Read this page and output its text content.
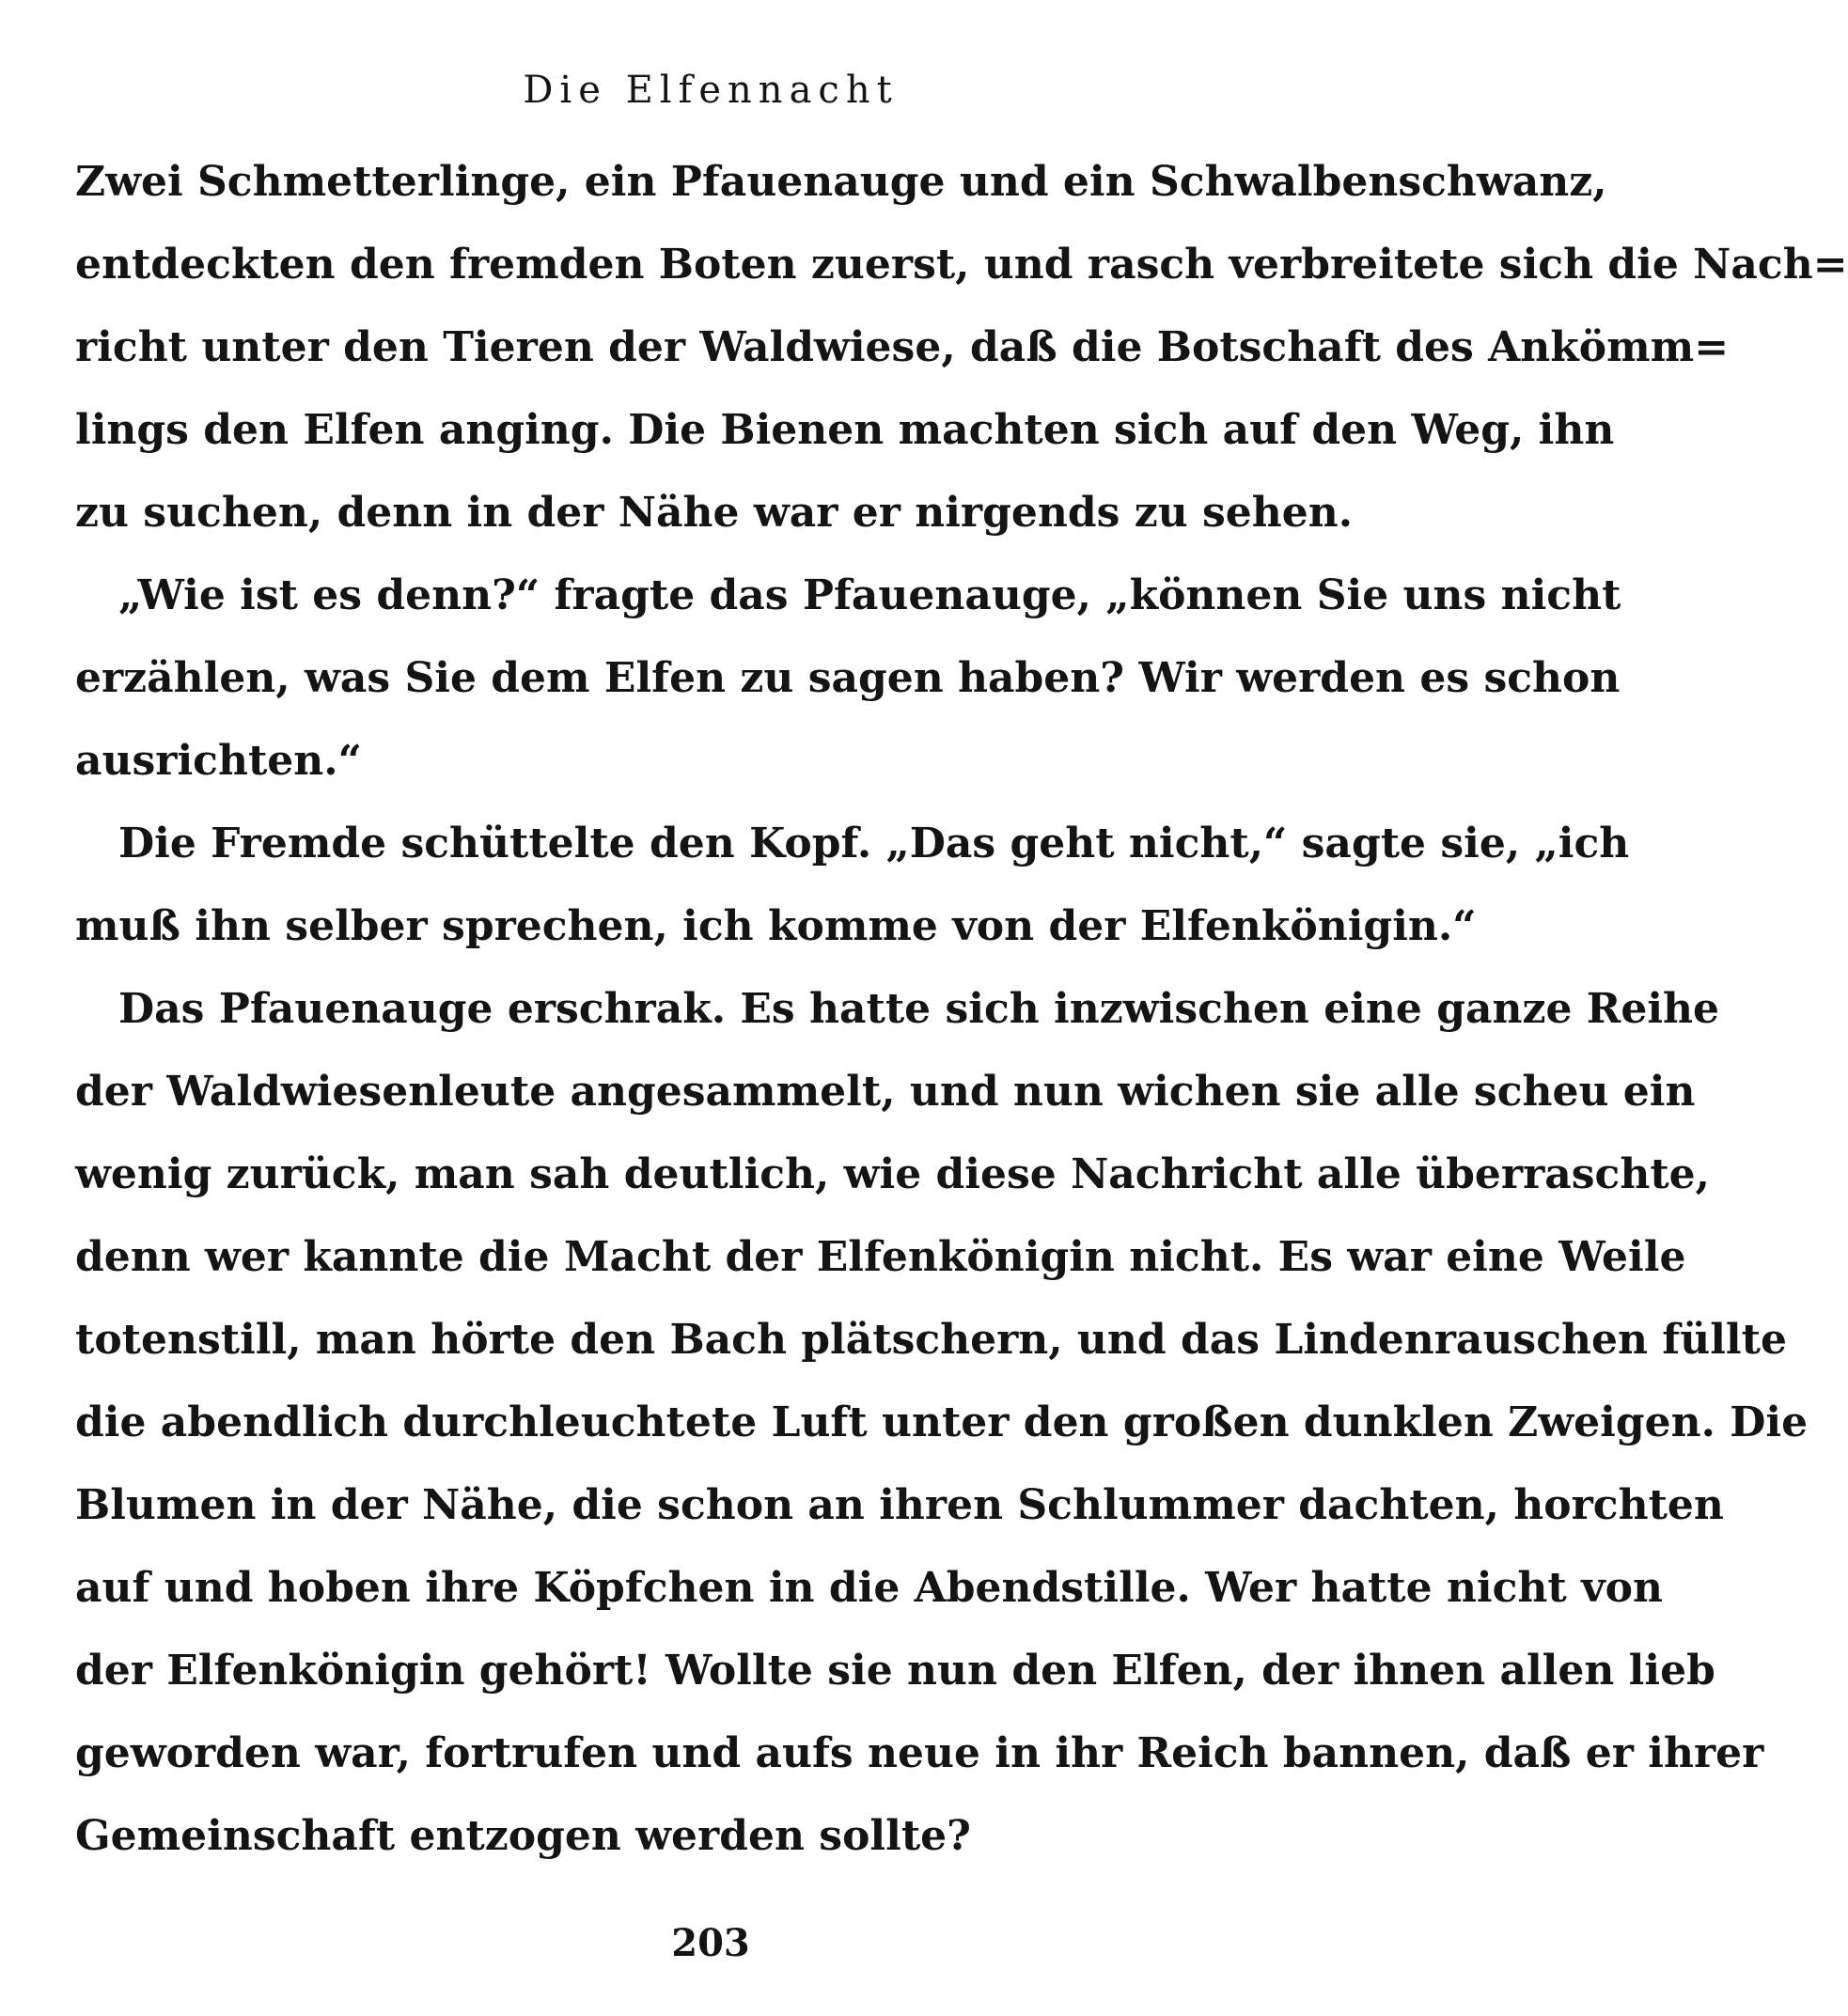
Die Elfennacht
Zwei Schmetterlinge, ein Pfauenauge und ein Schwalbenschwanz,
entdeckten den fremden Boten zuerst, und rasch verbreitete sich die Nach=
richt unter den Tieren der Waldwiese, daß die Botschaft des Ankömm=
lings den Elfen anging. Die Bienen machten sich auf den Weg, ihn
zu suchen, denn in der Nähe war er nirgends zu sehen.
„Wie ist es denn?“ fragte das Pfauenauge, „können Sie uns nicht
erzählen, was Sie dem Elfen zu sagen haben? Wir werden es schon
ausrichten.“
Die Fremde schüttelte den Kopf. „Das geht nicht,“ sagte sie, „ich
muß ihn selber sprechen, ich komme von der Elfenkönigin.“
Das Pfauenauge erschrak. Es hatte sich inzwischen eine ganze Reihe
der Waldwiesenleute angesammelt, und nun wichen sie alle scheu ein
wenig zurück, man sah deutlich, wie diese Nachricht alle überraschte,
denn wer kannte die Macht der Elfenkönigin nicht. Es war eine Weile
totenstill, man hörte den Bach plätschern, und das Lindenrauschen füllte
die abendlich durchleuchtete Luft unter den großen dunklen Zweigen. Die
Blumen in der Nähe, die schon an ihren Schlummer dachten, horchten
auf und hoben ihre Köpfchen in die Abendstille. Wer hatte nicht von
der Elfenkönigin gehört! Wollte sie nun den Elfen, der ihnen allen lieb
geworden war, fortrufen und aufs neue in ihr Reich bannen, daß er ihrer
Gemeinschaft entzogen werden sollte?
203
